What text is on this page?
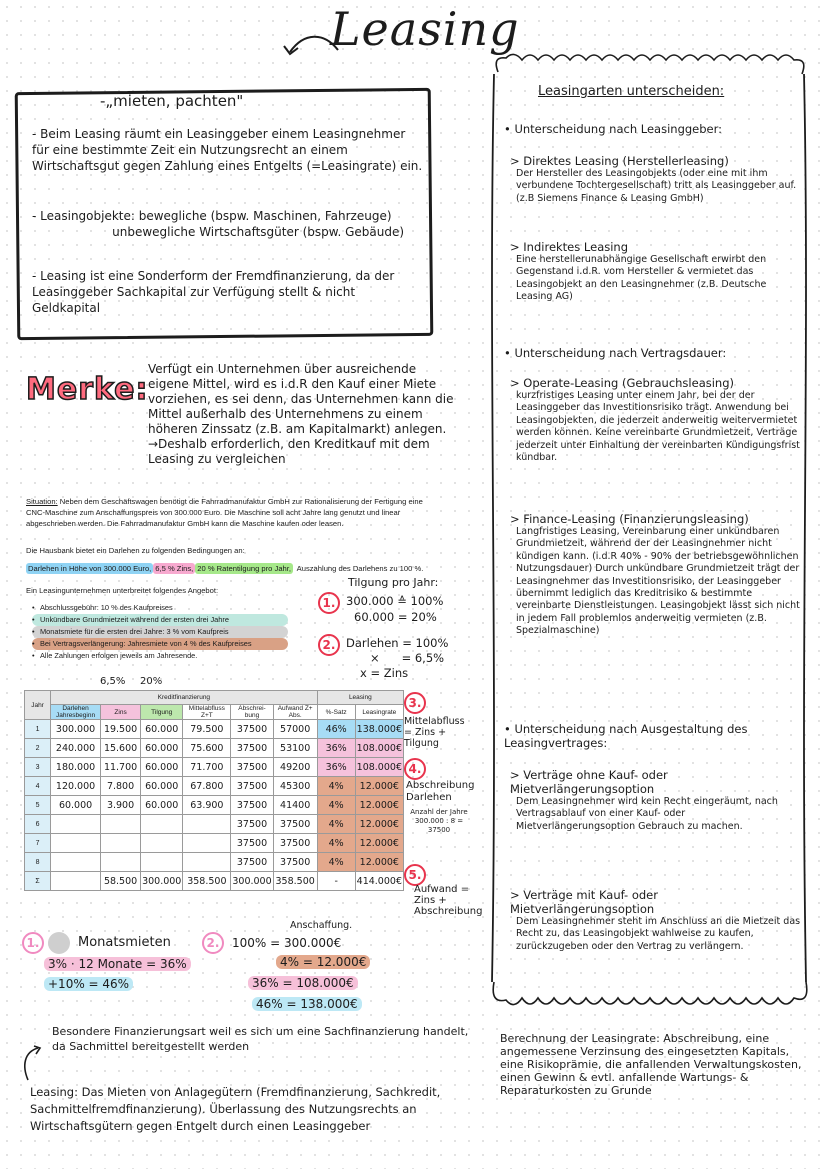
Leasing
-„mieten, pachten"
- Beim Leasing räumt ein Leasinggeber einem Leasingnehmer für eine bestimmte Zeit ein Nutzungsrecht an einem Wirtschaftsgut gegen Zahlung eines Entgelts (=Leasingrate) ein.
- Leasingobjekte: bewegliche (bspw. Maschinen, Fahrzeuge)
unbewegliche Wirtschaftsgüter (bspw. Gebäude)
- Leasing ist eine Sonderform der Fremdfinanzierung, da der Leasinggeber Sachkapital zur Verfügung stellt & nicht Geldkapital
Merke:
Verfügt ein Unternehmen über ausreichende eigene Mittel, wird es i.d.R den Kauf einer Miete vorziehen, es sei denn, das Unternehmen kann die Mittel außerhalb des Unternehmens zu einem höheren Zinssatz (z.B. am Kapitalmarkt) anlegen. →Deshalb erforderlich, den Kreditkauf mit dem Leasing zu vergleichen
Situation: Neben dem Geschäftswagen benötigt die Fahrradmanufaktur GmbH zur Rationalisierung der Fertigung eine CNC-Maschine zum Anschaffungspreis von 300.000 Euro. Die Maschine soll acht Jahre lang genutzt und linear abgeschrieben werden. Die Fahrradmanufaktur GmbH kann die Maschine kaufen oder leasen.
Die Hausbank bietet ein Darlehen zu folgenden Bedingungen an:
Darlehen in Höhe von 300.000 Euro, 6,5 % Zins, 20 % Ratentilgung pro Jahr, Auszahlung des Darlehens zu 100 %.
Ein Leasingunternehmen unterbreitet folgendes Angebot:
• Abschlussgebühr: 10 % des Kaufpreises
• Unkündbare Grundmietzeit während der ersten drei Jahre
• Monatsmiete für die ersten drei Jahre: 3 % vom Kaufpreis
• Bei Vertragsverlängerung: Jahresmiete von 4 % des Kaufpreises
• Alle Zahlungen erfolgen jeweils am Jahresende.
Tilgung pro Jahr:
1. 300.000 ≙ 100%
60.000 = 20%
2. Darlehen = 100%
×      = 6,5%
x = Zins
6,5% 20%
Jahr	Kreditfinanzierung						Leasing	
	Darlehen Jahresbeginn	Zins	Tilgung	Mittelabfluss Z+T	Abschrei-bung	Aufwand Z+ Abs.	%-Satz	Leasingrate
1	300.000	19.500	60.000	79.500	37500	57000	46%	138.000€
2	240.000	15.600	60.000	75.600	37500	53100	36%	108.000€
3	180.000	11.700	60.000	71.700	37500	49200	36%	108.000€
4	120.000	7.800	60.000	67.800	37500	45300	4%	12.000€
5	60.000	3.900	60.000	63.900	37500	41400	4%	12.000€
6					37500	37500	4%	12.000€
7					37500	37500	4%	12.000€
8					37500	37500	4%	12.000€
Σ		58.500	300.000	358.500	300.000	358.500	-	414.000€
3.
Mittelabfluss = Zins + Tilgung
4.
Abschreibung Darlehen
Anzahl der Jahre 300.000 : 8 = 37500
5.
Aufwand = Zins + Abschreibung
1.	Monatsmieten
3% · 12 Monate = 36%
+10% = 46%
2.
Anschaffung.
100% = 300.000€
4% = 12.000€
36% = 108.000€
46% = 138.000€
Besondere Finanzierungsart weil es sich um eine Sachfinanzierung handelt, da Sachmittel bereitgestellt werden
Leasing: Das Mieten von Anlagegütern (Fremdfinanzierung, Sachkredit, Sachmittelfremdfinanzierung). Überlassung des Nutzungsrechts an Wirtschaftsgütern gegen Entgelt durch einen Leasinggeber
Leasingarten unterscheiden:
• Unterscheidung nach Leasinggeber:
> Direktes Leasing (Herstellerleasing)
Der Hersteller des Leasingobjekts (oder eine mit ihm verbundene Tochtergesellschaft) tritt als Leasinggeber auf. (z.B Siemens Finance & Leasing GmbH)
> Indirektes Leasing
Eine herstellerunabhängige Gesellschaft erwirbt den Gegenstand i.d.R. vom Hersteller & vermietet das Leasingobjekt an den Leasingnehmer (z.B. Deutsche Leasing AG)
• Unterscheidung nach Vertragsdauer:
> Operate-Leasing (Gebrauchsleasing)
kurzfristiges Leasing unter einem Jahr, bei der der Leasinggeber das Investitionsrisiko trägt. Anwendung bei Leasingobjekten, die jederzeit anderweitig weitervermietet werden können. Keine vereinbarte Grundmietzeit, Verträge jederzeit unter Einhaltung der vereinbarten Kündigungsfrist kündbar.
> Finance-Leasing (Finanzierungsleasing)
Langfristiges Leasing, Vereinbarung einer unkündbaren Grundmietzeit, während der der Leasingnehmer nicht kündigen kann. (i.d.R 40% - 90% der betriebsgewöhnlichen Nutzungsdauer) Durch unkündbare Grundmietzeit trägt der Leasingnehmer das Investitionsrisiko, der Leasinggeber übernimmt lediglich das Kreditrisiko & bestimmte vereinbarte Dienstleistungen. Leasingobjekt lässt sich nicht in jedem Fall problemlos anderweitig vermieten (z.B. Spezialmaschine)
• Unterscheidung nach Ausgestaltung des Leasingvertrages:
> Verträge ohne Kauf- oder Mietverlängerungsoption
Dem Leasingnehmer wird kein Recht eingeräumt, nach Vertragsablauf von einer Kauf- oder Mietverlängerungsoption Gebrauch zu machen.
> Verträge mit Kauf- oder Mietverlängerungsoption
Dem Leasingnehmer steht im Anschluss an die Mietzeit das Recht zu, das Leasingobjekt wahlweise zu kaufen, zurückzugeben oder den Vertrag zu verlängern.
Berechnung der Leasingrate: Abschreibung, eine angemessene Verzinsung des eingesetzten Kapitals, eine Risikoprämie, die anfallenden Verwaltungskosten, einen Gewinn & evtl. anfallende Wartungs- & Reparaturkosten zu Grunde
